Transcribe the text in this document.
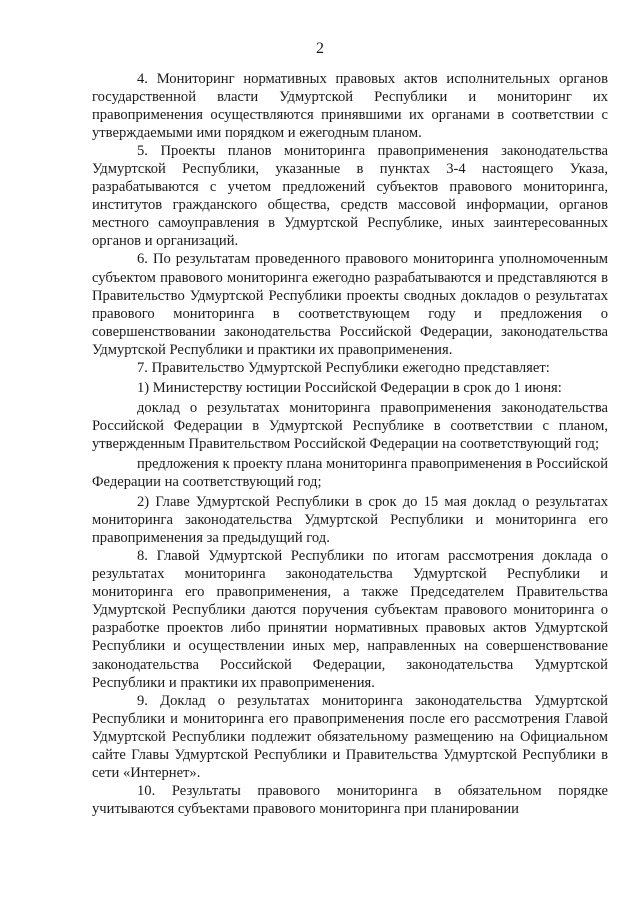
2

4. Мониторинг нормативных правовых актов исполнительных органов государственной власти Удмуртской Республики и мониторинг их правоприменения осуществляются принявшими их органами в соответствии с утверждаемыми ими порядком и ежегодным планом.

5. Проекты планов мониторинга правоприменения законодательства Удмуртской Республики, указанные в пунктах 3-4 настоящего Указа, разрабатываются с учетом предложений субъектов правового мониторинга, институтов гражданского общества, средств массовой информации, органов местного самоуправления в Удмуртской Республике, иных заинтересованных органов и организаций.

6. По результатам проведенного правового мониторинга уполномоченным субъектом правового мониторинга ежегодно разрабатываются и представляются в Правительство Удмуртской Республики проекты сводных докладов о результатах правового мониторинга в соответствующем году и предложения о совершенствовании законодательства Российской Федерации, законодательства Удмуртской Республики и практики их правоприменения.

7. Правительство Удмуртской Республики ежегодно представляет:

1) Министерству юстиции Российской Федерации в срок до 1 июня:

доклад о результатах мониторинга правоприменения законодательства Российской Федерации в Удмуртской Республике в соответствии с планом, утвержденным Правительством Российской Федерации на соответствующий год;

предложения к проекту плана мониторинга правоприменения в Российской Федерации на соответствующий год;

2) Главе Удмуртской Республики в срок до 15 мая доклад о результатах мониторинга законодательства Удмуртской Республики и мониторинга его правоприменения за предыдущий год.

8. Главой Удмуртской Республики по итогам рассмотрения доклада о результатах мониторинга законодательства Удмуртской Республики и мониторинга его правоприменения, а также Председателем Правительства Удмуртской Республики даются поручения субъектам правового мониторинга о разработке проектов либо принятии нормативных правовых актов Удмуртской Республики и осуществлении иных мер, направленных на совершенствование законодательства Российской Федерации, законодательства Удмуртской Республики и практики их правоприменения.

9. Доклад о результатах мониторинга законодательства Удмуртской Республики и мониторинга его правоприменения после его рассмотрения Главой Удмуртской Республики подлежит обязательному размещению на Официальном сайте Главы Удмуртской Республики и Правительства Удмуртской Республики в сети «Интернет».

10. Результаты правового мониторинга в обязательном порядке учитываются субъектами правового мониторинга при планировании
